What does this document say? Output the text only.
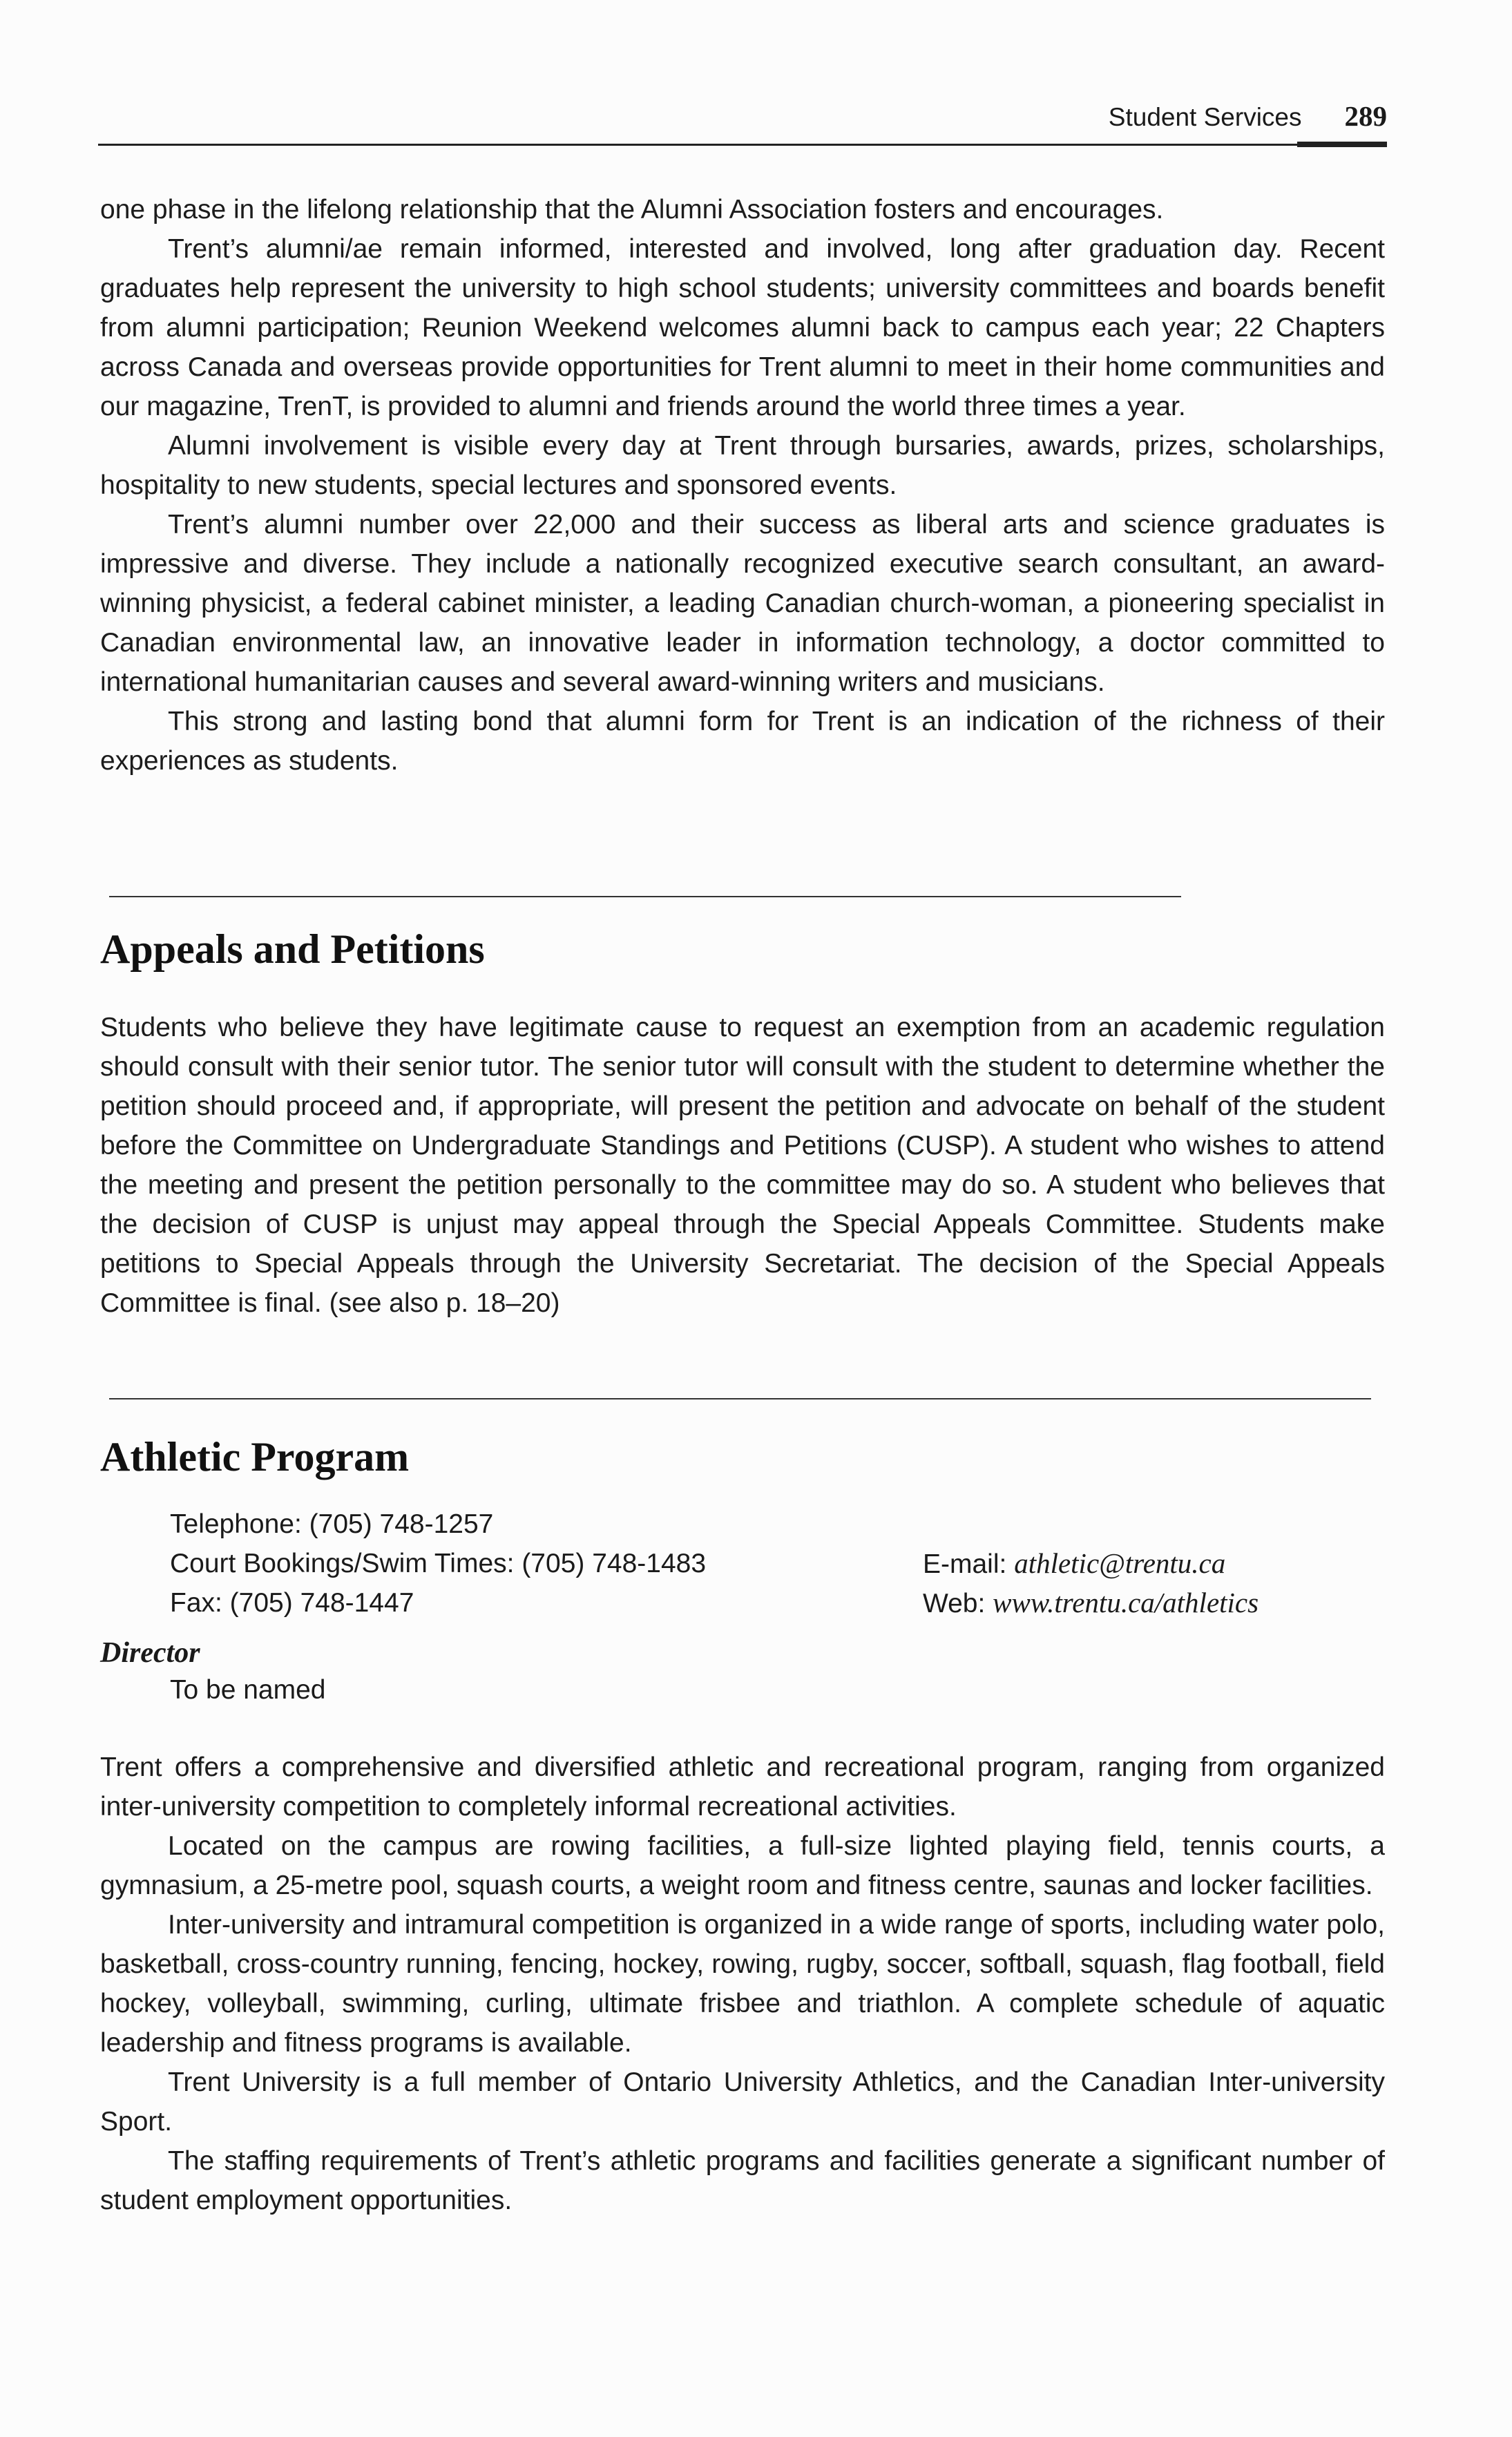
Student Services 289

one phase in the lifelong relationship that the Alumni Association fosters and encourages.

Trent’s alumni/ae remain informed, interested and involved, long after graduation day. Recent graduates help represent the university to high school students; university committees and boards benefit from alumni participation; Reunion Weekend welcomes alumni back to campus each year; 22 Chapters across Canada and overseas provide opportunities for Trent alumni to meet in their home communities and our magazine, TrenT, is provided to alumni and friends around the world three times a year.

Alumni involvement is visible every day at Trent through bursaries, awards, prizes, scholarships, hospitality to new students, special lectures and sponsored events.

Trent’s alumni number over 22,000 and their success as liberal arts and science graduates is impressive and diverse. They include a nationally recognized executive search consultant, an award-winning physicist, a federal cabinet minister, a leading Canadian church-woman, a pioneering specialist in Canadian environmental law, an innovative leader in information technology, a doctor committed to international humanitarian causes and several award-winning writers and musicians.

This strong and lasting bond that alumni form for Trent is an indication of the richness of their experiences as students.

Appeals and Petitions

Students who believe they have legitimate cause to request an exemption from an academic regulation should consult with their senior tutor. The senior tutor will consult with the student to determine whether the petition should proceed and, if appropriate, will present the petition and advocate on behalf of the student before the Committee on Undergraduate Standings and Petitions (CUSP). A student who wishes to attend the meeting and present the petition personally to the committee may do so. A student who believes that the decision of CUSP is unjust may appeal through the Special Appeals Committee. Students make petitions to Special Appeals through the University Secretariat. The decision of the Special Appeals Committee is final. (see also p. 18–20)

Athletic Program
Telephone: (705) 748-1257
Court Bookings/Swim Times: (705) 748-1483	E-mail: athletic@trentu.ca
Fax: (705) 748-1447	Web: www.trentu.ca/athletics
Director
To be named

Trent offers a comprehensive and diversified athletic and recreational program, ranging from organized inter-university competition to completely informal recreational activities.

Located on the campus are rowing facilities, a full-size lighted playing field, tennis courts, a gymnasium, a 25-metre pool, squash courts, a weight room and fitness centre, saunas and locker facilities.

Inter-university and intramural competition is organized in a wide range of sports, including water polo, basketball, cross-country running, fencing, hockey, rowing, rugby, soccer, softball, squash, flag football, field hockey, volleyball, swimming, curling, ultimate frisbee and triathlon. A complete schedule of aquatic leadership and fitness programs is available.

Trent University is a full member of Ontario University Athletics, and the Canadian Inter-university Sport.

The staffing requirements of Trent’s athletic programs and facilities generate a significant number of student employment opportunities.
